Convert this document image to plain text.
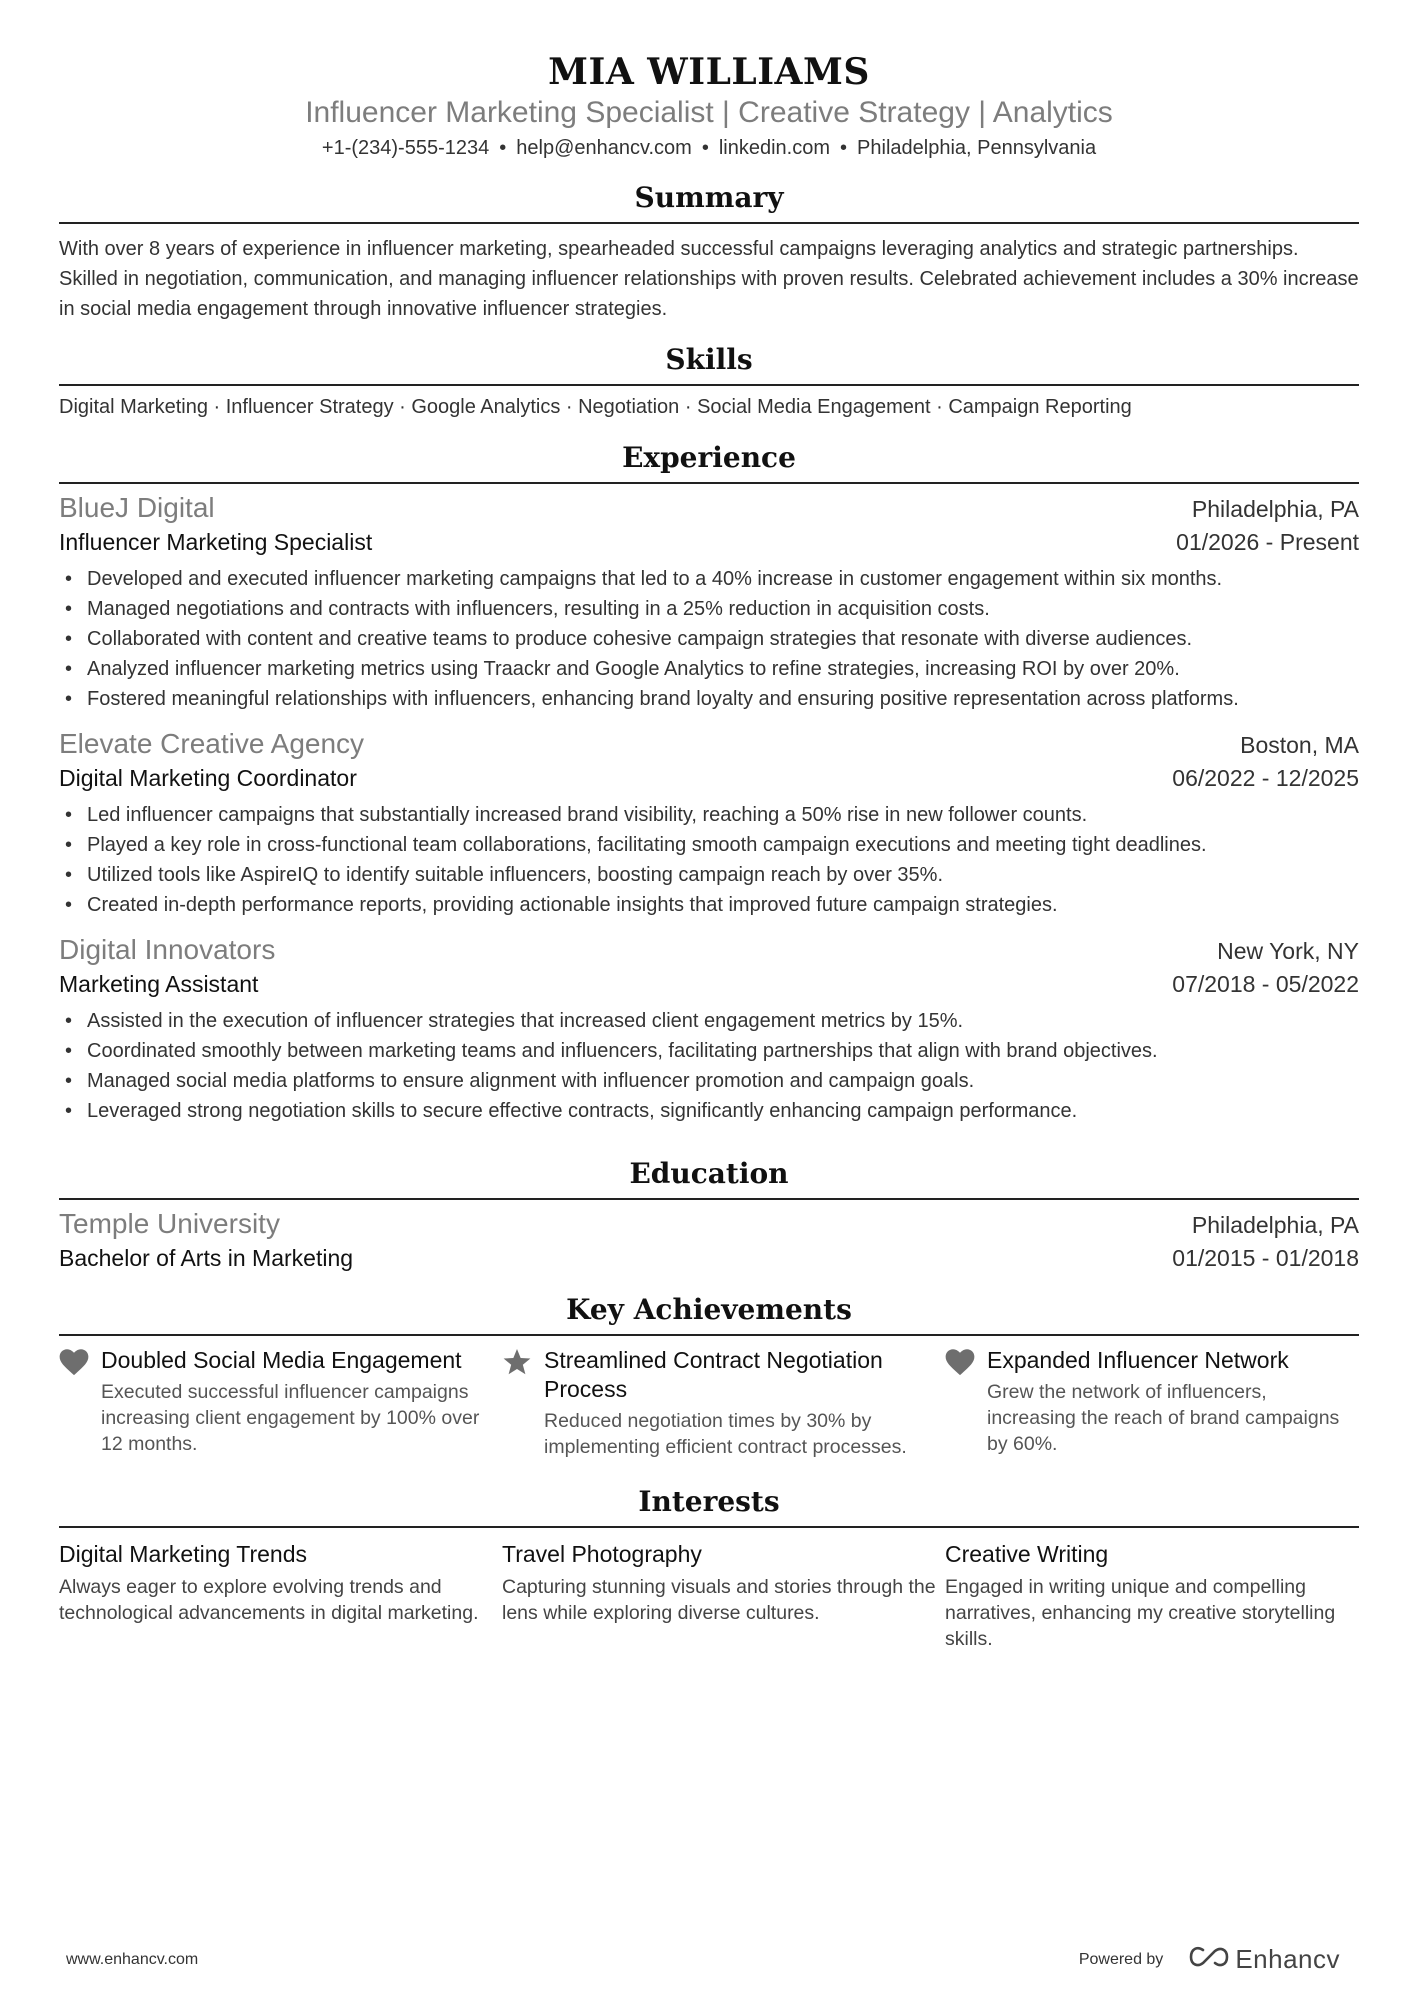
MIA WILLIAMS
Influencer Marketing Specialist | Creative Strategy | Analytics
+1-(234)-555-1234 • help@enhancv.com • linkedin.com • Philadelphia, Pennsylvania
Summary
With over 8 years of experience in influencer marketing, spearheaded successful campaigns leveraging analytics and strategic partnerships. Skilled in negotiation, communication, and managing influencer relationships with proven results. Celebrated achievement includes a 30% increase in social media engagement through innovative influencer strategies.
Skills
Digital Marketing · Influencer Strategy · Google Analytics · Negotiation · Social Media Engagement · Campaign Reporting
Experience
BlueJ Digital	Philadelphia, PA
Influencer Marketing Specialist	01/2026 - Present
• Developed and executed influencer marketing campaigns that led to a 40% increase in customer engagement within six months.
• Managed negotiations and contracts with influencers, resulting in a 25% reduction in acquisition costs.
• Collaborated with content and creative teams to produce cohesive campaign strategies that resonate with diverse audiences.
• Analyzed influencer marketing metrics using Traackr and Google Analytics to refine strategies, increasing ROI by over 20%.
• Fostered meaningful relationships with influencers, enhancing brand loyalty and ensuring positive representation across platforms.
Elevate Creative Agency	Boston, MA
Digital Marketing Coordinator	06/2022 - 12/2025
• Led influencer campaigns that substantially increased brand visibility, reaching a 50% rise in new follower counts.
• Played a key role in cross-functional team collaborations, facilitating smooth campaign executions and meeting tight deadlines.
• Utilized tools like AspireIQ to identify suitable influencers, boosting campaign reach by over 35%.
• Created in-depth performance reports, providing actionable insights that improved future campaign strategies.
Digital Innovators	New York, NY
Marketing Assistant	07/2018 - 05/2022
• Assisted in the execution of influencer strategies that increased client engagement metrics by 15%.
• Coordinated smoothly between marketing teams and influencers, facilitating partnerships that align with brand objectives.
• Managed social media platforms to ensure alignment with influencer promotion and campaign goals.
• Leveraged strong negotiation skills to secure effective contracts, significantly enhancing campaign performance.
Education
Temple University	Philadelphia, PA
Bachelor of Arts in Marketing	01/2015 - 01/2018
Key Achievements
Doubled Social Media Engagement
Executed successful influencer campaigns increasing client engagement by 100% over 12 months.
Streamlined Contract Negotiation Process
Reduced negotiation times by 30% by implementing efficient contract processes.
Expanded Influencer Network
Grew the network of influencers, increasing the reach of brand campaigns by 60%.
Interests
Digital Marketing Trends
Always eager to explore evolving trends and technological advancements in digital marketing.
Travel Photography
Capturing stunning visuals and stories through the lens while exploring diverse cultures.
Creative Writing
Engaged in writing unique and compelling narratives, enhancing my creative storytelling skills.
www.enhancv.com	Powered by	Enhancv
